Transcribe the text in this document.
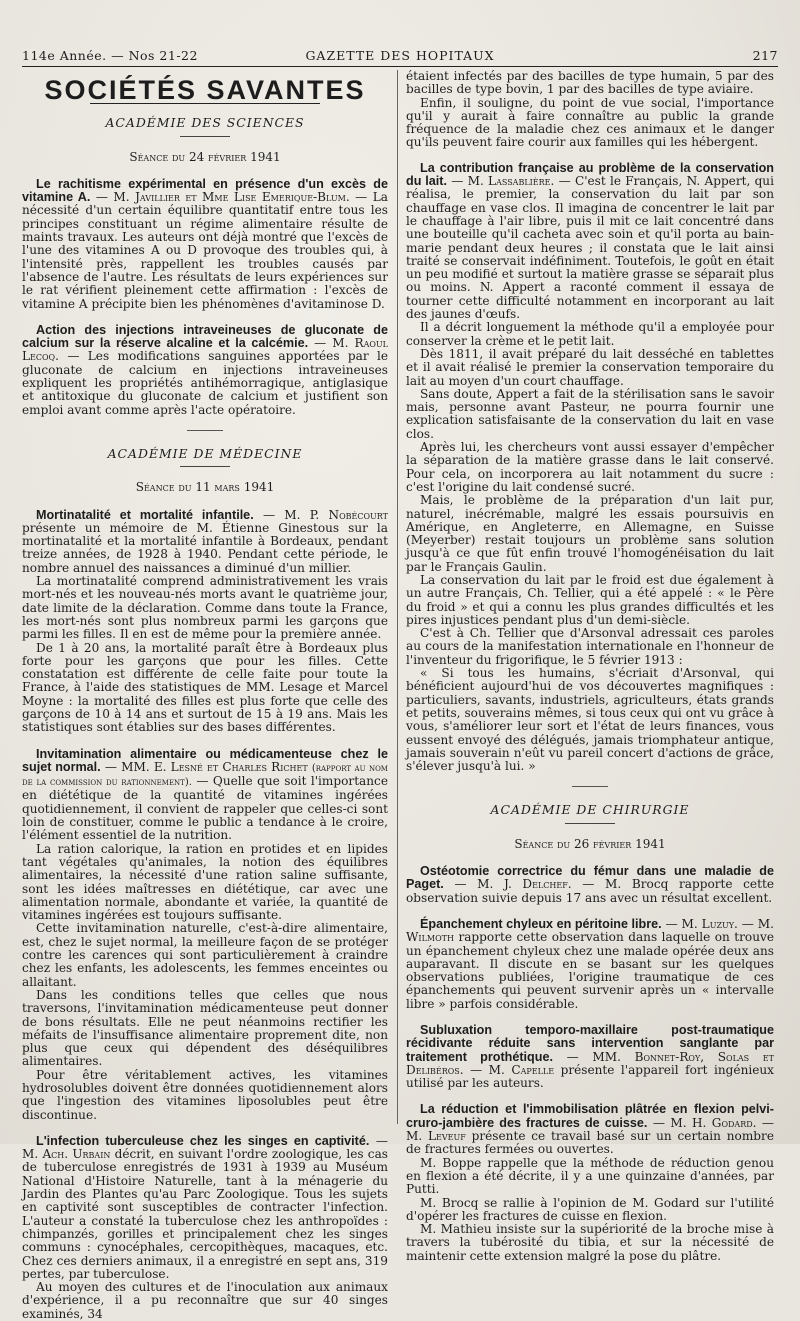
114e Année. — Nos 21-22	GAZETTE DES HOPITAUX	217
SOCIÉTÉS SAVANTES
ACADÉMIE DES SCIENCES
Séance du 24 février 1941

Le rachitisme expérimental en présence d'un excès de vitamine A. — M. Javillier et Mme Lise Emerique-Blum. — La nécessité d'un certain équilibre quantitatif entre tous les principes constituant un régime alimentaire résulte de maints travaux. Les auteurs ont déjà montré que l'excès de l'une des vitamines A ou D provoque des troubles qui, à l'intensité près, rappellent les troubles causés par l'absence de l'autre. Les résultats de leurs expériences sur le rat vérifient pleinement cette affirmation : l'excès de vitamine A précipite bien les phénomènes d'avitaminose D.

Action des injections intraveineuses de gluconate de calcium sur la réserve alcaline et la calcémie. — M. Raoul Lecoq. — Les modifications sanguines apportées par le gluconate de calcium en injections intraveineuses expliquent les propriétés antihémorragique, antiglasique et antitoxique du gluconate de calcium et justifient son emploi avant comme après l'acte opératoire.

ACADÉMIE DE MÉDECINE
Séance du 11 mars 1941

Mortinatalité et mortalité infantile. — M. P. Nobécourt présente un mémoire de M. Étienne Ginestous sur la mortinatalité et la mortalité infantile à Bordeaux, pendant treize années, de 1928 à 1940. Pendant cette période, le nombre annuel des naissances a diminué d'un millier.

La mortinatalité comprend administrativement les vrais mort-nés et les nouveau-nés morts avant le quatrième jour, date limite de la déclaration. Comme dans toute la France, les mort-nés sont plus nombreux parmi les garçons que parmi les filles. Il en est de même pour la première année.

De 1 à 20 ans, la mortalité paraît être à Bordeaux plus forte pour les garçons que pour les filles. Cette constatation est différente de celle faite pour toute la France, à l'aide des statistiques de MM. Lesage et Marcel Moyne : la mortalité des filles est plus forte que celle des garçons de 10 à 14 ans et surtout de 15 à 19 ans. Mais les statistiques sont établies sur des bases différentes.

Invitamination alimentaire ou médicamenteuse chez le sujet normal. — MM. E. Lesné et Charles Richet (rapport au nom de la commission du rationnement). — Quelle que soit l'importance en diététique de la quantité de vitamines ingérées quotidiennement, il convient de rappeler que celles-ci sont loin de constituer, comme le public a tendance à le croire, l'élément essentiel de la nutrition.

La ration calorique, la ration en protides et en lipides tant végétales qu'animales, la notion des équilibres alimentaires, la nécessité d'une ration saline suffisante, sont les idées maîtresses en diététique, car avec une alimentation normale, abondante et variée, la quantité de vitamines ingérées est toujours suffisante.

Cette invitamination naturelle, c'est-à-dire alimentaire, est, chez le sujet normal, la meilleure façon de se protéger contre les carences qui sont particulièrement à craindre chez les enfants, les adolescents, les femmes enceintes ou allaitant.

Dans les conditions telles que celles que nous traversons, l'invitamination médicamenteuse peut donner de bons résultats. Elle ne peut néanmoins rectifier les méfaits de l'insuffisance alimentaire proprement dite, non plus que ceux qui dépendent des déséquilibres alimentaires.

Pour être véritablement actives, les vitamines hydrosolubles doivent être données quotidiennement alors que l'ingestion des vitamines liposolubles peut être discontinue.

L'infection tuberculeuse chez les singes en captivité. — M. Ach. Urbain décrit, en suivant l'ordre zoologique, les cas de tuberculose enregistrés de 1931 à 1939 au Muséum National d'Histoire Naturelle, tant à la ménagerie du Jardin des Plantes qu'au Parc Zoologique. Tous les sujets en captivité sont susceptibles de contracter l'infection. L'auteur a constaté la tuberculose chez les anthropoïdes : chimpanzés, gorilles et principalement chez les singes communs : cynocéphales, cercopithèques, macaques, etc. Chez ces derniers animaux, il a enregistré en sept ans, 319 pertes, par tuberculose.

Au moyen des cultures et de l'inoculation aux animaux d'expérience, il a pu reconnaître que sur 40 singes examinés, 34

étaient infectés par des bacilles de type humain, 5 par des bacilles de type bovin, 1 par des bacilles de type aviaire.

Enfin, il souligne, du point de vue social, l'importance qu'il y aurait à faire connaître au public la grande fréquence de la maladie chez ces animaux et le danger qu'ils peuvent faire courir aux familles qui les hébergent.

La contribution française au problème de la conservation du lait. — M. Lassablière. — C'est le Français, N. Appert, qui réalisa, le premier, la conservation du lait par son chauffage en vase clos. Il imagina de concentrer le lait par le chauffage à l'air libre, puis il mit ce lait concentré dans une bouteille qu'il cacheta avec soin et qu'il porta au bain-marie pendant deux heures ; il constata que le lait ainsi traité se conservait indéfiniment. Toutefois, le goût en était un peu modifié et surtout la matière grasse se séparait plus ou moins. N. Appert a raconté comment il essaya de tourner cette difficulté notamment en incorporant au lait des jaunes d'œufs.

Il a décrit longuement la méthode qu'il a employée pour conserver la crème et le petit lait.

Dès 1811, il avait préparé du lait desséché en tablettes et il avait réalisé le premier la conservation temporaire du lait au moyen d'un court chauffage.

Sans doute, Appert a fait de la stérilisation sans le savoir mais, personne avant Pasteur, ne pourra fournir une explication satisfaisante de la conservation du lait en vase clos.

Après lui, les chercheurs vont aussi essayer d'empêcher la séparation de la matière grasse dans le lait conservé. Pour cela, on incorporera au lait notamment du sucre : c'est l'origine du lait condensé sucré.

Mais, le problème de la préparation d'un lait pur, naturel, inécrémable, malgré les essais poursuivis en Amérique, en Angleterre, en Allemagne, en Suisse (Meyerber) restait toujours un problème sans solution jusqu'à ce que fût enfin trouvé l'homogénéisation du lait par le Français Gaulin.

La conservation du lait par le froid est due également à un autre Français, Ch. Tellier, qui a été appelé : « le Père du froid » et qui a connu les plus grandes difficultés et les pires injustices pendant plus d'un demi-siècle.

C'est à Ch. Tellier que d'Arsonval adressait ces paroles au cours de la manifestation internationale en l'honneur de l'inventeur du frigorifique, le 5 février 1913 :

« Si tous les humains, s'écriait d'Arsonval, qui bénéficient aujourd'hui de vos découvertes magnifiques : particuliers, savants, industriels, agriculteurs, états grands et petits, souverains mêmes, si tous ceux qui ont vu grâce à vous, s'améliorer leur sort et l'état de leurs finances, vous eussent envoyé des délégués, jamais triomphateur antique, jamais souverain n'eût vu pareil concert d'actions de grâce, s'élever jusqu'à lui. »

ACADÉMIE DE CHIRURGIE
Séance du 26 février 1941

Ostéotomie correctrice du fémur dans une maladie de Paget. — M. J. Delchef. — M. Brocq rapporte cette observation suivie depuis 17 ans avec un résultat excellent.

Épanchement chyleux en péritoine libre. — M. Luzuy. — M. Wilmoth rapporte cette observation dans laquelle on trouve un épanchement chyleux chez une malade opérée deux ans auparavant. Il discute en se basant sur les quelques observations publiées, l'origine traumatique de ces épanchements qui peuvent survenir après un « intervalle libre » parfois considérable.

Subluxation temporo-maxillaire post-traumatique récidivante réduite sans intervention sanglante par traitement prothétique. — MM. Bonnet-Roy, Solas et Delibéros. — M. Capelle présente l'appareil fort ingénieux utilisé par les auteurs.

La réduction et l'immobilisation plâtrée en flexion pelvi-cruro-jambière des fractures de cuisse. — M. H. Godard. — M. Leveuf présente ce travail basé sur un certain nombre de fractures fermées ou ouvertes.

M. Boppe rappelle que la méthode de réduction genou en flexion a été décrite, il y a une quinzaine d'années, par Putti.

M. Brocq se rallie à l'opinion de M. Godard sur l'utilité d'opérer les fractures de cuisse en flexion.

M. Mathieu insiste sur la supériorité de la broche mise à travers la tubérosité du tibia, et sur la nécessité de maintenir cette extension malgré la pose du plâtre.
